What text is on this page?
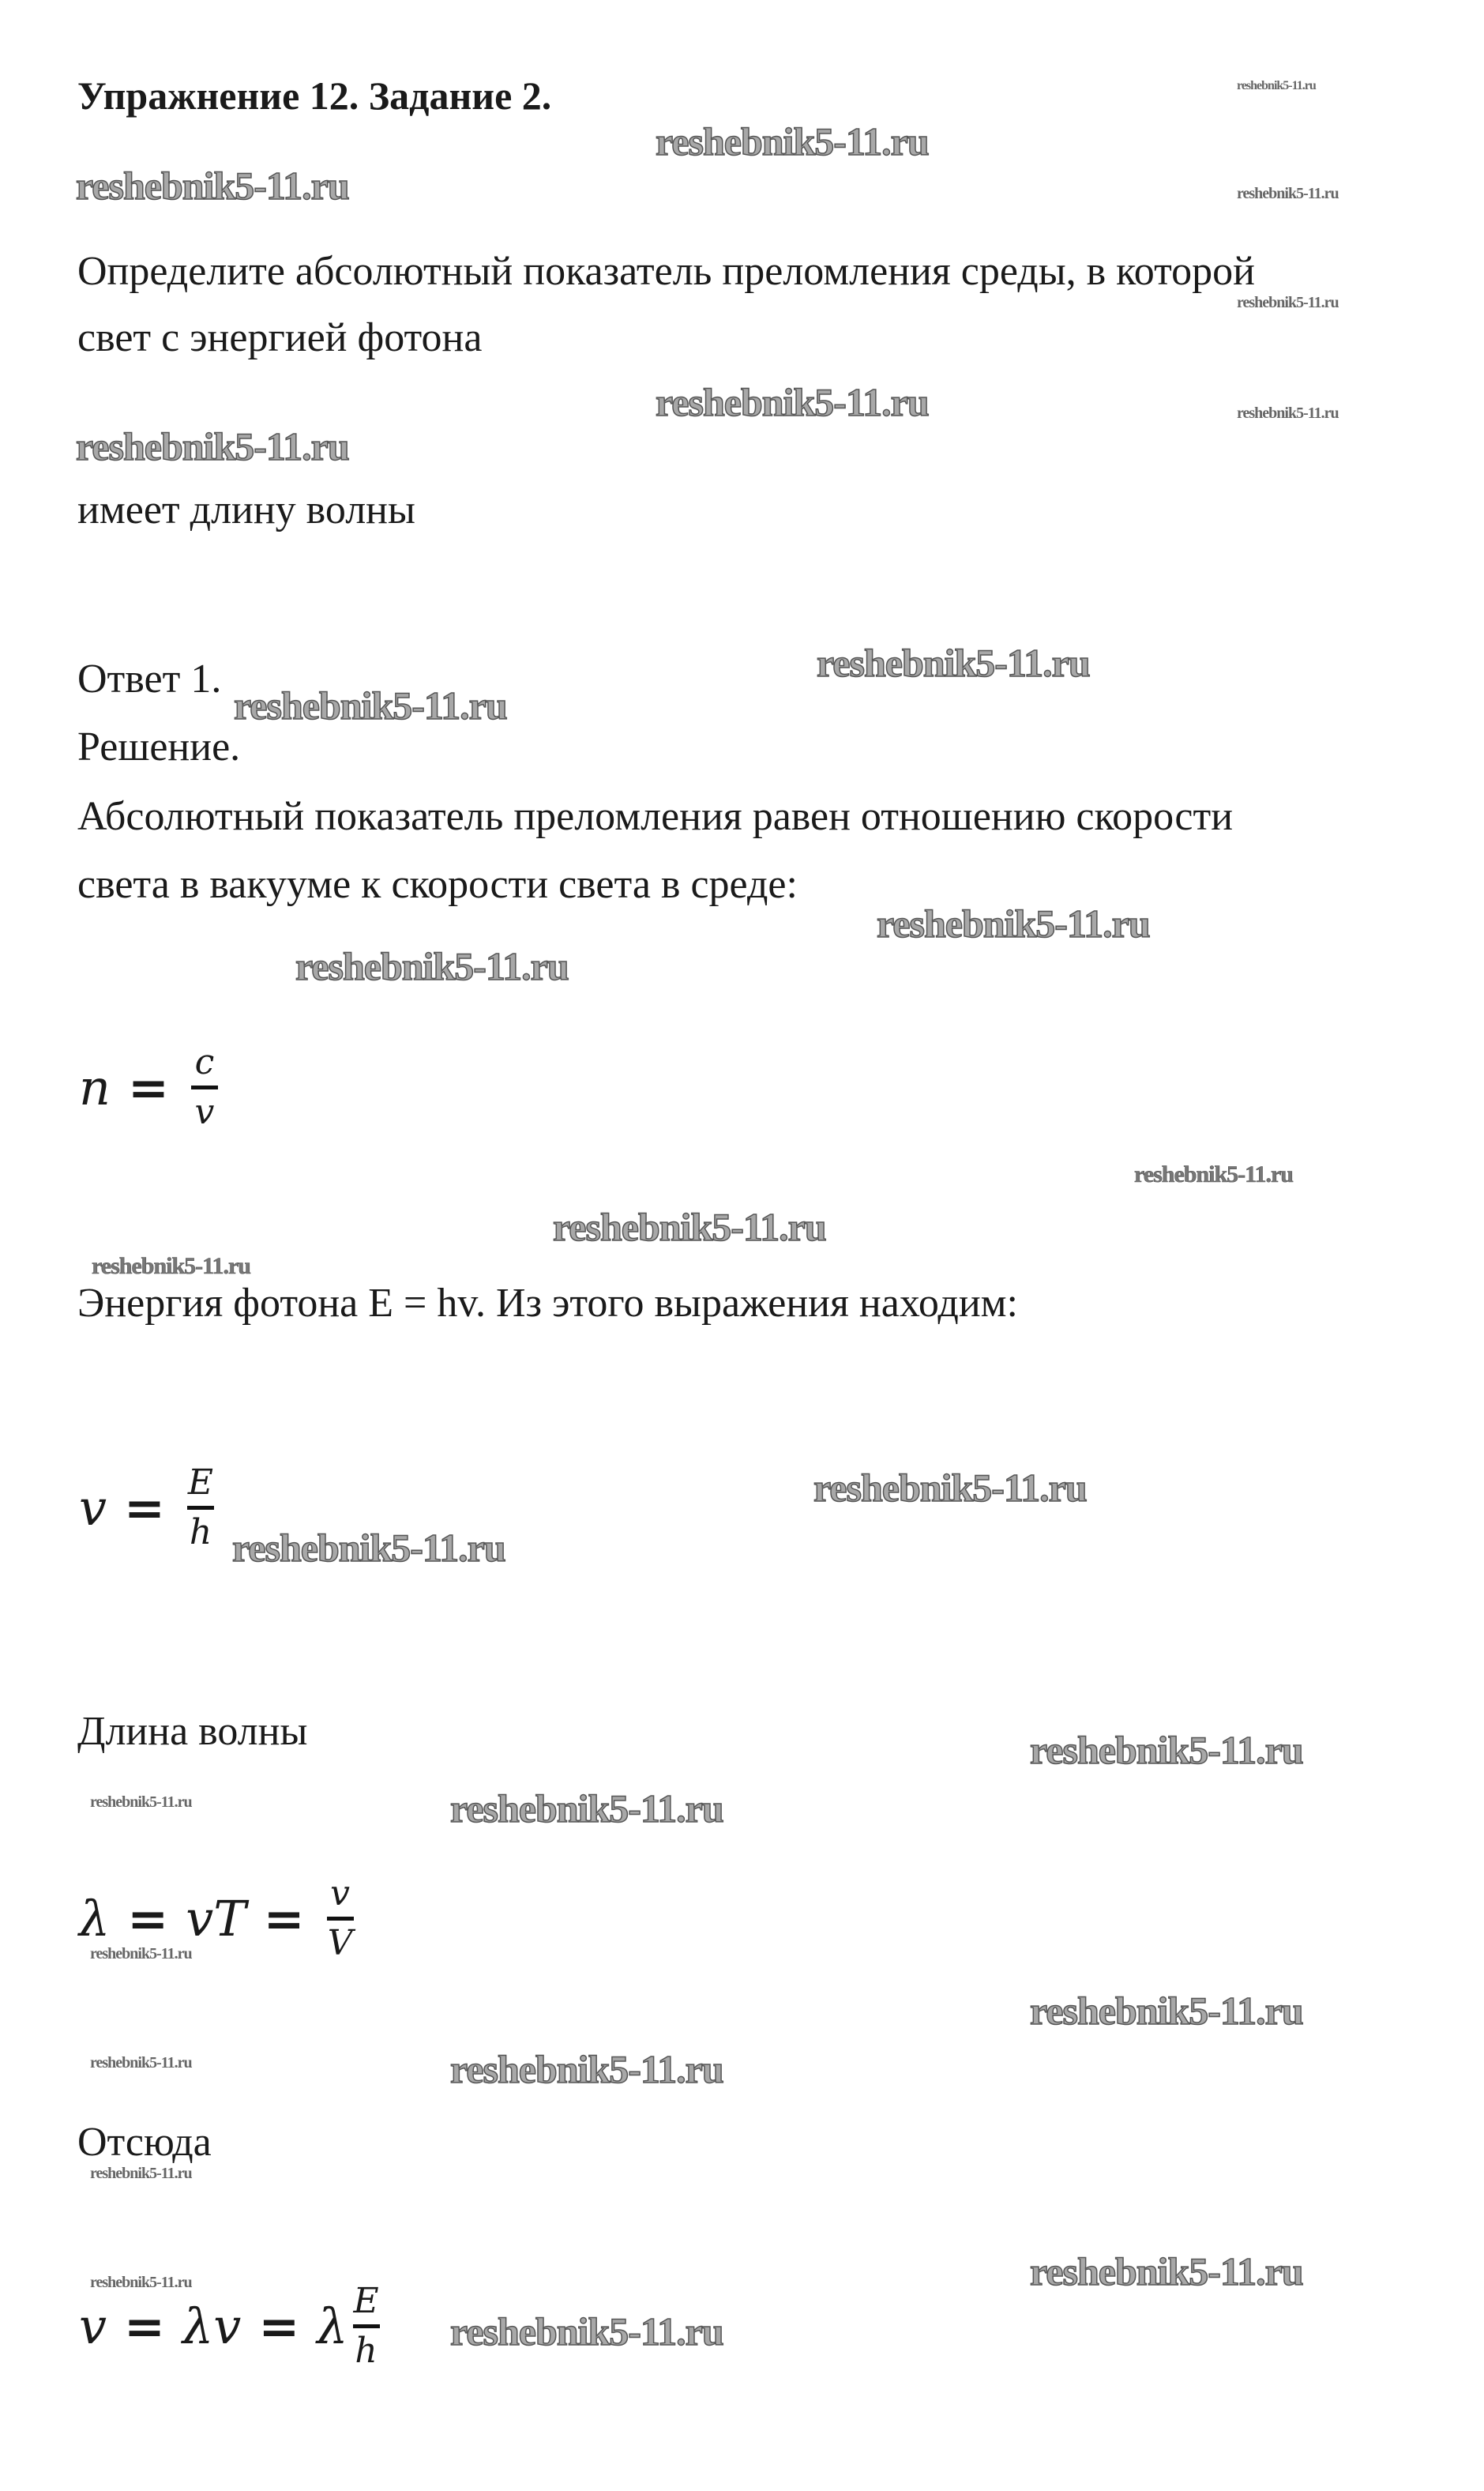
Упражнение 12. Задание 2.
Определите абсолютный показатель преломления среды, в которой
свет с энергией фотона
имеет длину волны
Ответ 1.
Решение.
Абсолютный показатель преломления равен отношению скорости
света в вакууме к скорости света в среде:
n = c
v
Энергия фотона E = hv. Из этого выражения находим:
v = E
h
Длина волны
λ = vT = v
V
Отсюда
v = λv = λ E
h
reshebnik5-11.ru
reshebnik5-11.ru
reshebnik5-11.ru
reshebnik5-11.ru
reshebnik5-11.ru
reshebnik5-11.ru
reshebnik5-11.ru
reshebnik5-11.ru
reshebnik5-11.ru
reshebnik5-11.ru
reshebnik5-11.ru
reshebnik5-11.ru
reshebnik5-11.ru
reshebnik5-11.ru
reshebnik5-11.ru
reshebnik5-11.ru
reshebnik5-11.ru
reshebnik5-11.ru
reshebnik5-11.ru
reshebnik5-11.ru
reshebnik5-11.ru
reshebnik5-11.ru
reshebnik5-11.ru
reshebnik5-11.ru
reshebnik5-11.ru
reshebnik5-11.ru
reshebnik5-11.ru
reshebnik5-11.ru
